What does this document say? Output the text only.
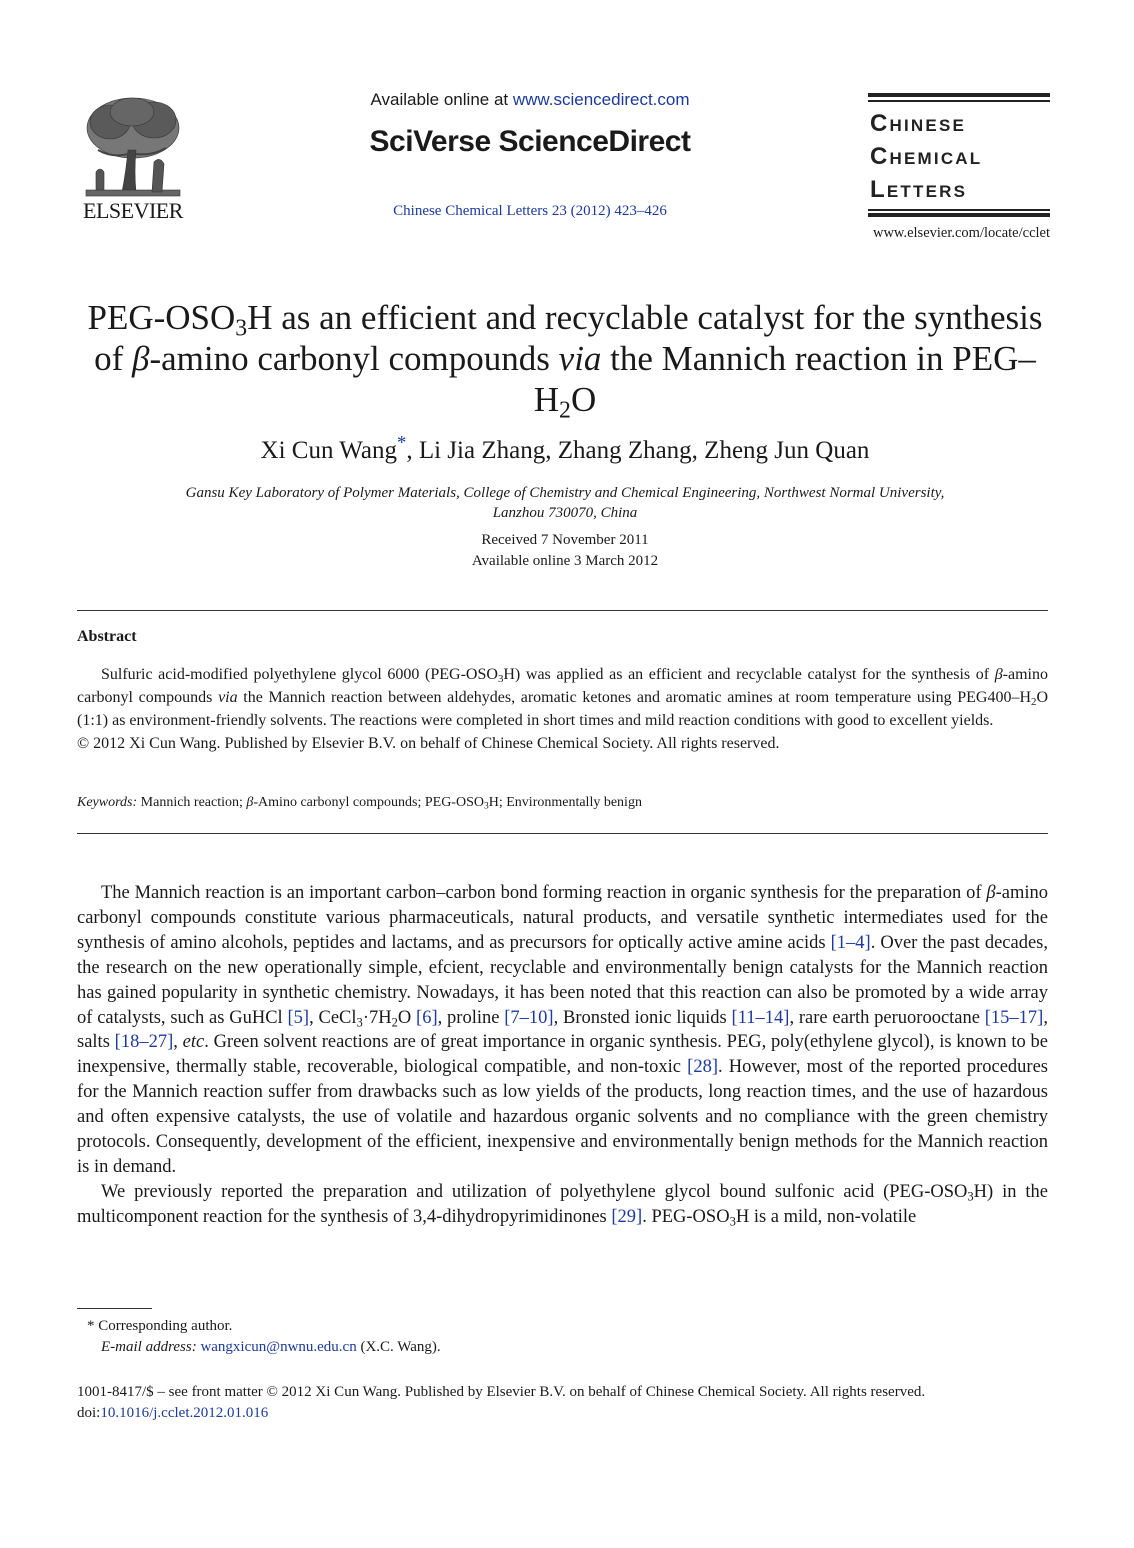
ELSEVIER
Available online at www.sciencedirect.com
SciVerse ScienceDirect
Chinese Chemical Letters 23 (2012) 423–426
Chinese
Chemical
Letters
www.elsevier.com/locate/cclet
PEG-$OSO_3H$ as an efficient and recyclable catalyst for the synthesis of β-amino carbonyl compounds via the Mannich reaction in PEG–$H_2O$
Xi Cun Wang*, Li Jia Zhang, Zhang Zhang, Zheng Jun Quan
Gansu Key Laboratory of Polymer Materials, College of Chemistry and Chemical Engineering, Northwest Normal University,
Lanzhou 730070, China
Received 7 November 2011
Available online 3 March 2012
Abstract

Sulfuric acid-modified polyethylene glycol 6000 $(PEG-OSO_3H)$ was applied as an efficient and recyclable catalyst for the synthesis of β-amino carbonyl compounds via the Mannich reaction between aldehydes, aromatic ketones and aromatic amines at room temperature using $PEG400-H_2O$ (1:1) as environment-friendly solvents. The reactions were completed in short times and mild reaction conditions with good to excellent yields.

© 2012 Xi Cun Wang. Published by Elsevier B.V. on behalf of Chinese Chemical Society. All rights reserved.

Keywords: Mannich reaction; β-Amino carbonyl compounds; PEG-$OSO_3H$; Environmentally benign

The Mannich reaction is an important carbon–carbon bond forming reaction in organic synthesis for the preparation of β-amino carbonyl compounds constitute various pharmaceuticals, natural products, and versatile synthetic intermediates used for the synthesis of amino alcohols, peptides and lactams, and as precursors for optically active amine acids [1–4]. Over the past decades, the research on the new operationally simple, efcient, recyclable and environmentally benign catalysts for the Mannich reaction has gained popularity in synthetic chemistry. Nowadays, it has been noted that this reaction can also be promoted by a wide array of catalysts, such as GuHCl [5], $CeCl_3\cdot 7H_2O$ [6], proline [7–10], Bronsted ionic liquids [11–14], rare earth peruorooctane [15–17], salts [18–27], etc. Green solvent reactions are of great importance in organic synthesis. PEG, poly(ethylene glycol), is known to be inexpensive, thermally stable, recoverable, biological compatible, and non-toxic [28]. However, most of the reported procedures for the Mannich reaction suffer from drawbacks such as low yields of the products, long reaction times, and the use of hazardous and often expensive catalysts, the use of volatile and hazardous organic solvents and no compliance with the green chemistry protocols. Consequently, development of the efficient, inexpensive and environmentally benign methods for the Mannich reaction is in demand.

We previously reported the preparation and utilization of polyethylene glycol bound sulfonic acid $(PEG-OSO_3H)$ in the multicomponent reaction for the synthesis of 3,4-dihydropyrimidinones [29]. PEG-$OSO_3H$ is a mild, non-volatile

* Corresponding author.
E-mail address: wangxicun@nwnu.edu.cn (X.C. Wang).
1001-8417/$ – see front matter © 2012 Xi Cun Wang. Published by Elsevier B.V. on behalf of Chinese Chemical Society. All rights reserved.
doi:10.1016/j.cclet.2012.01.016
